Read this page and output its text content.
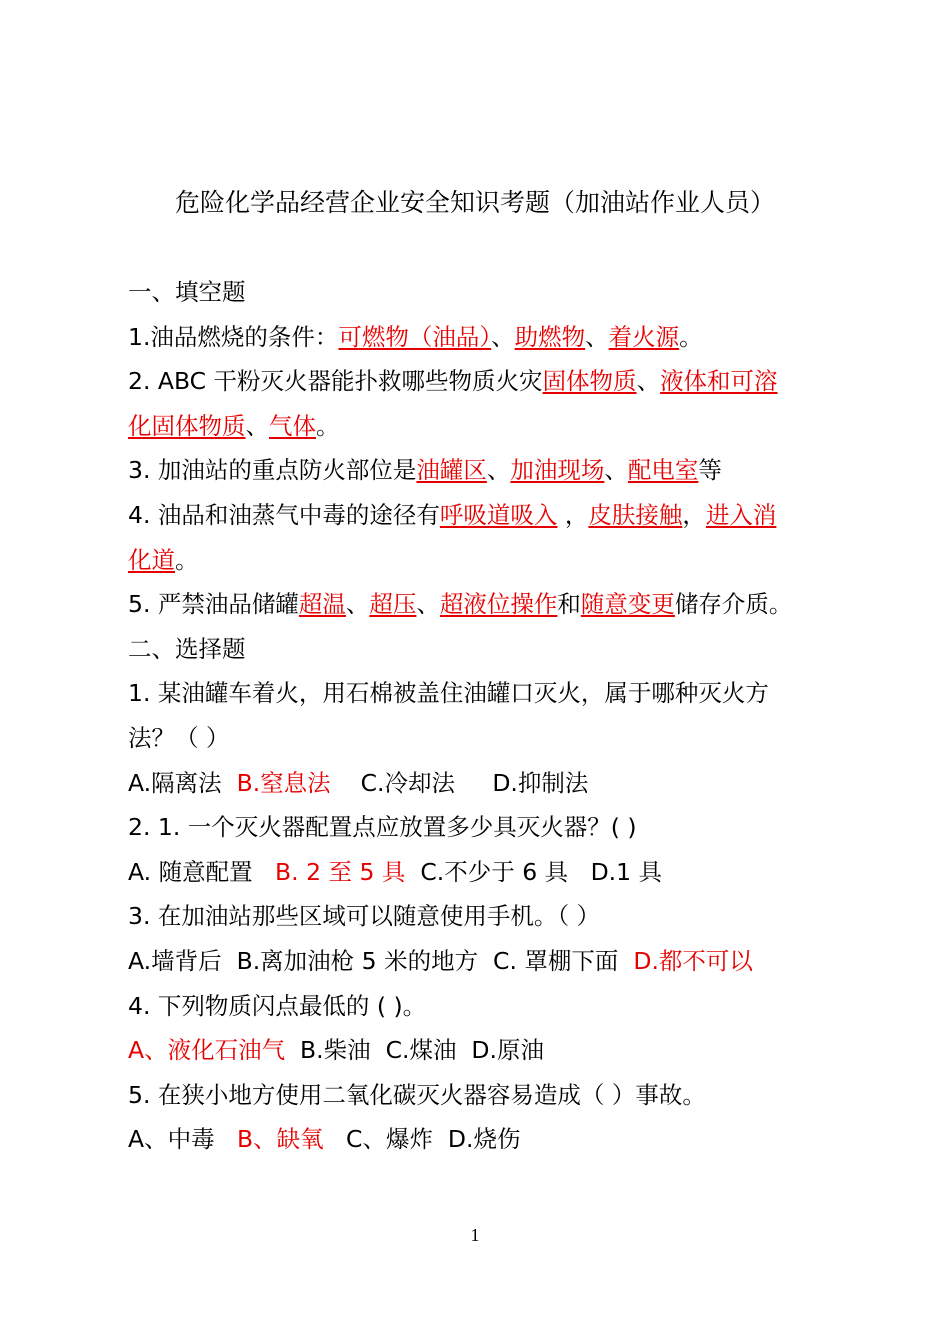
危险化学品经营企业安全知识考题（加油站作业人员）
一、填空题
1.油品燃烧的条件：可燃物（油品）、助燃物、着火源。
2. ABC 干粉灭火器能扑救哪些物质火灾固体物质、液体和可溶
化固体物质、气体。
3. 加油站的重点防火部位是油罐区、加油现场、配电室等
4. 油品和油蒸气中毒的途径有呼吸道吸入 ，皮肤接触，进入消
化道。
5. 严禁油品储罐超温、超压、超液位操作和随意变更储存介质。
二、选择题
1. 某油罐车着火，用石棉被盖住油罐口灭火，属于哪种灭火方
法？（ ）
A.隔离法 B.窒息法 C.冷却法 D.抑制法
2. 1. 一个灭火器配置点应放置多少具灭火器？( )
A. 随意配置 B. 2 至 5 具 C.不少于 6 具 D.1 具
3. 在加油站那些区域可以随意使用手机。（ ）
A.墙背后 B.离加油枪 5 米的地方 C. 罩棚下面 D.都不可以
4. 下列物质闪点最低的 ( )。
A、液化石油气 B.柴油 C.煤油 D.原油
5. 在狭小地方使用二氧化碳灭火器容易造成（ ）事故。
A、中毒 B、缺氧 C、爆炸 D.烧伤
1
